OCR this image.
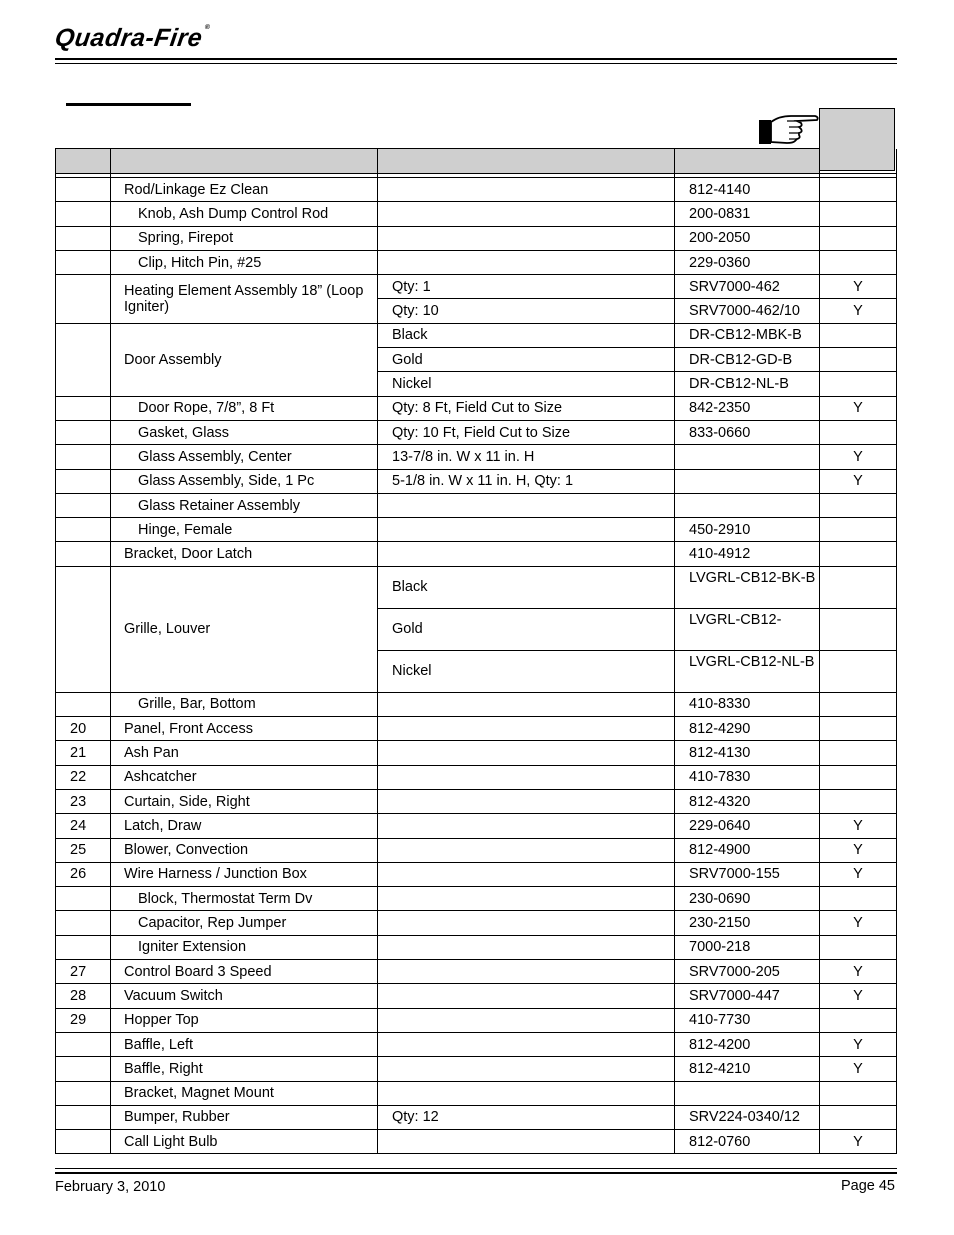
Quadra-Fire®

	Rod/Linkage Ez Clean		812-4140	
	Knob, Ash Dump Control Rod		200-0831	
	Spring, Firepot		200-2050	
	Clip, Hitch Pin, #25		229-0360	
	Heating Element Assembly 18” (Loop Igniter)	Qty: 1	SRV7000-462	Y
		Qty: 10	SRV7000-462/10	Y
	Door Assembly	Black	DR-CB12-MBK-B	
		Gold	DR-CB12-GD-B	
		Nickel	DR-CB12-NL-B	
	Door Rope, 7/8”, 8 Ft	Qty: 8 Ft, Field Cut to Size	842-2350	Y
	Gasket, Glass	Qty: 10 Ft, Field Cut to Size	833-0660	
	Glass Assembly, Center	13-7/8 in. W x 11 in. H		Y
	Glass Assembly, Side, 1 Pc	5-1/8 in. W x 11 in. H, Qty: 1		Y
	Glass Retainer Assembly			
	Hinge, Female		450-2910	
	Bracket, Door Latch		410-4912	
	Grille, Louver	Black	LVGRL-CB12-BK-B	
		Gold	LVGRL-CB12-	
		Nickel	LVGRL-CB12-NL-B	
	Grille, Bar, Bottom		410-8330	
20	Panel, Front Access		812-4290	
21	Ash Pan		812-4130	
22	Ashcatcher		410-7830	
23	Curtain, Side, Right		812-4320	
24	Latch, Draw		229-0640	Y
25	Blower, Convection		812-4900	Y
26	Wire Harness / Junction Box		SRV7000-155	Y
	Block, Thermostat Term Dv		230-0690	
	Capacitor, Rep Jumper		230-2150	Y
	Igniter Extension		7000-218	
27	Control Board 3 Speed		SRV7000-205	Y
28	Vacuum Switch		SRV7000-447	Y
29	Hopper Top		410-7730	
	Baffle, Left		812-4200	Y
	Baffle, Right		812-4210	Y
	Bracket, Magnet Mount			
	Bumper, Rubber	Qty: 12	SRV224-0340/12	
	Call Light Bulb		812-0760	Y
February 3, 2010	Page 45
